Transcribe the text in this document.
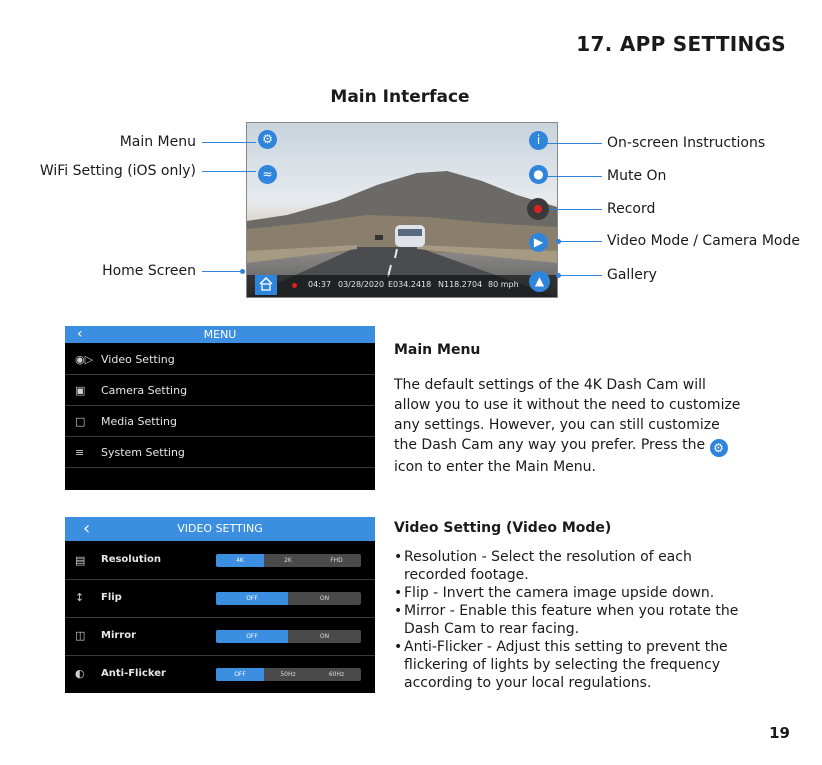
17. APP SETTINGS
Main Interface
⚙
≈
i
●
▶
04:37 03/28/2020 E034.2418 N118.2704 80 mph	▲
Main Menu
WiFi Setting (iOS only)
Home Screen
On-screen Instructions
Mute On
Record
Video Mode / Camera Mode
Gallery
‹	MENU
◉▷ Video Setting
▣ Camera Setting
□ Media Setting
≡ System Setting
‹	VIDEO SETTING
▤ Resolution	4K	2K	FHD
↕ Flip	OFF	ON
◫ Mirror	OFF	ON
◐ Anti-Flicker	OFF	50Hz	60Hz
Main Menu
The default settings of the 4K Dash Cam will allow you to use it without the need to customize any settings. However, you can still customize the Dash Cam any way you prefer. Press the ⚙ icon to enter the Main Menu.
Video Setting (Video Mode)
• Resolution - Select the resolution of each recorded footage.
• Flip - Invert the camera image upside down.
• Mirror - Enable this feature when you rotate the Dash Cam to rear facing.
• Anti-Flicker - Adjust this setting to prevent the flickering of lights by selecting the frequency according to your local regulations.
19
